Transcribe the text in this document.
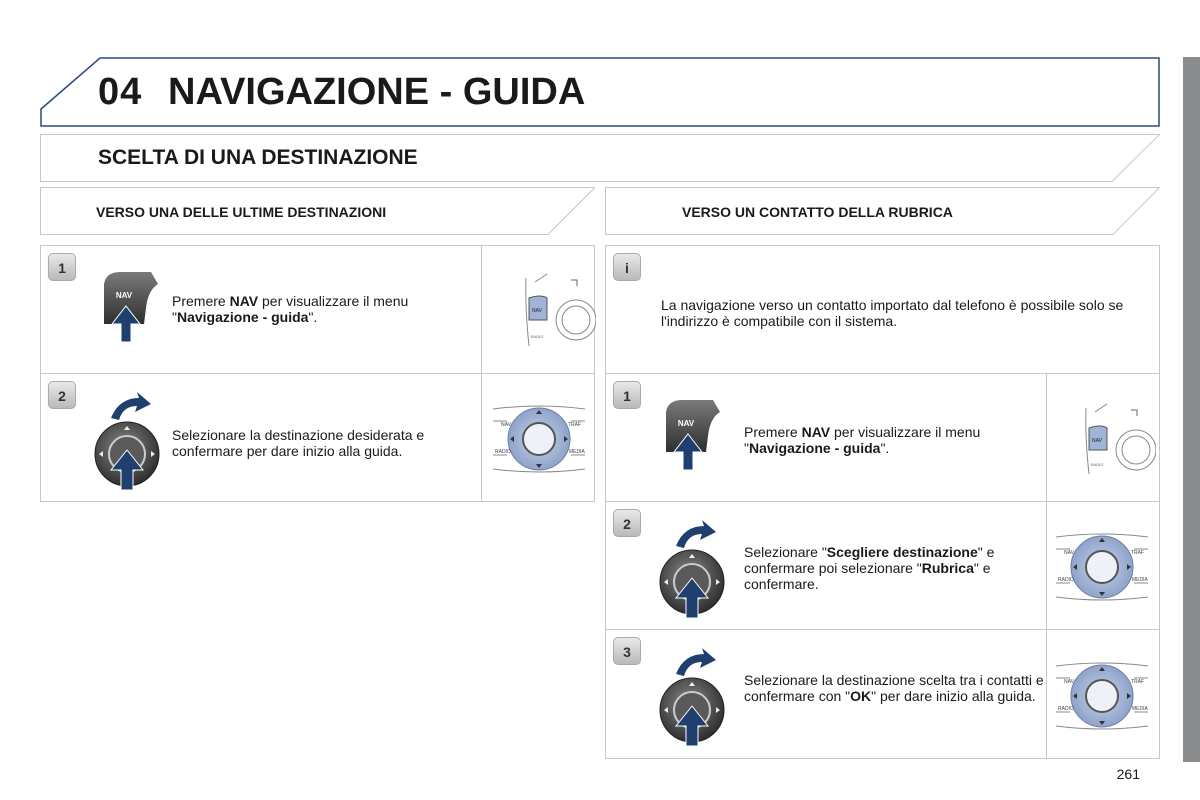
04 NAVIGAZIONE - GUIDA
SCELTA DI UNA DESTINAZIONE
VERSO UNA DELLE ULTIME DESTINAZIONI	VERSO UN CONTATTO DELLA RUBRICA
1
NAV	Premere NAV per visualizzare il menu "Navigazione - guida".	NAV
RADIO
2
Selezionare la destinazione desiderata e confermare per dare inizio alla guida.
NAV	TRAF
RADIO	MEDIA
i
La navigazione verso un contatto importato dal telefono è possibile solo se l'indirizzo è compatibile con il sistema.
1
NAV
Premere NAV per visualizzare il menu "Navigazione - guida".	NAV
RADIO
2
Selezionare "Scegliere destinazione" e confermare poi selezionare "Rubrica" e confermare.
NAV	TRAF
RADIO	MEDIA
3
Selezionare la destinazione scelta tra i contatti e confermare con "OK" per dare inizio alla guida.
NAV	TRAF
RADIO	MEDIA
261
